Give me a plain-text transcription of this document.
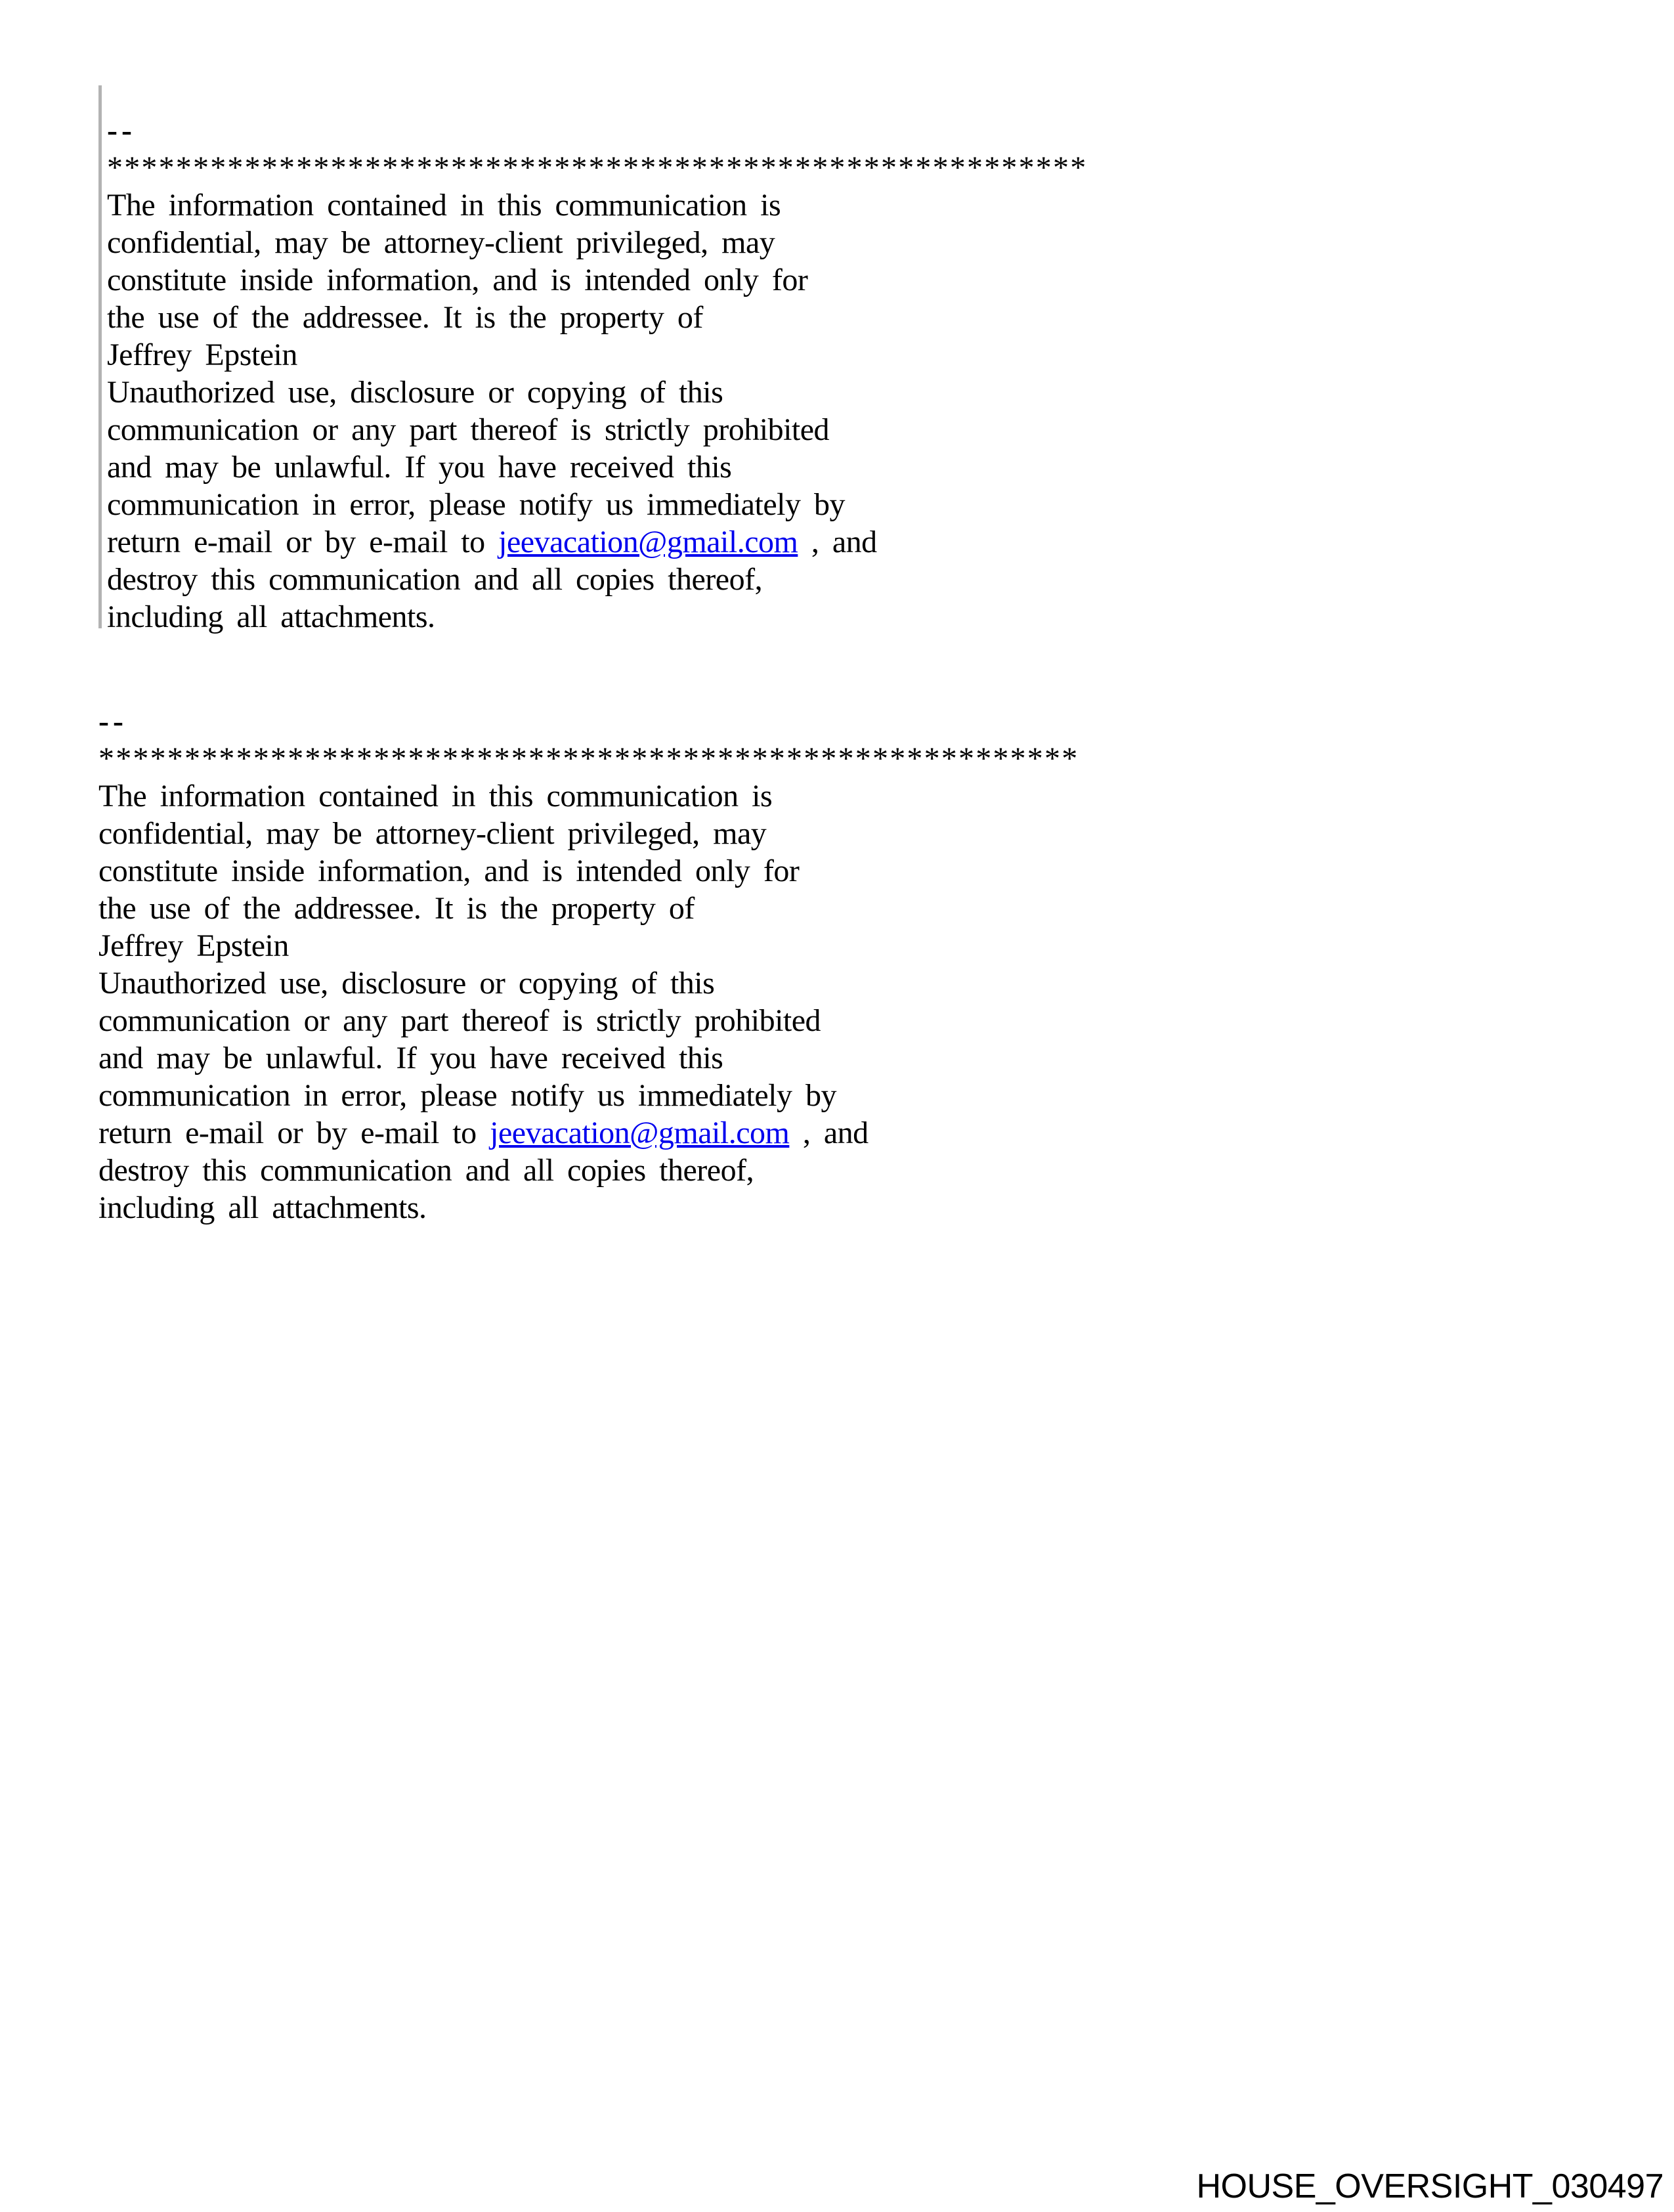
--
*********************************************************
The information contained in this communication is
confidential, may be attorney-client privileged, may
constitute inside information, and is intended only for
the use of the addressee. It is the property of
Jeffrey Epstein
Unauthorized use, disclosure or copying of this
communication or any part thereof is strictly prohibited
and may be unlawful. If you have received this
communication in error, please notify us immediately by
return e-mail or by e-mail to jeevacation@gmail.com , and
destroy this communication and all copies thereof,
including all attachments.
--
*********************************************************
The information contained in this communication is
confidential, may be attorney-client privileged, may
constitute inside information, and is intended only for
the use of the addressee. It is the property of
Jeffrey Epstein
Unauthorized use, disclosure or copying of this
communication or any part thereof is strictly prohibited
and may be unlawful. If you have received this
communication in error, please notify us immediately by
return e-mail or by e-mail to jeevacation@gmail.com , and
destroy this communication and all copies thereof,
including all attachments.
HOUSE_OVERSIGHT_030497
